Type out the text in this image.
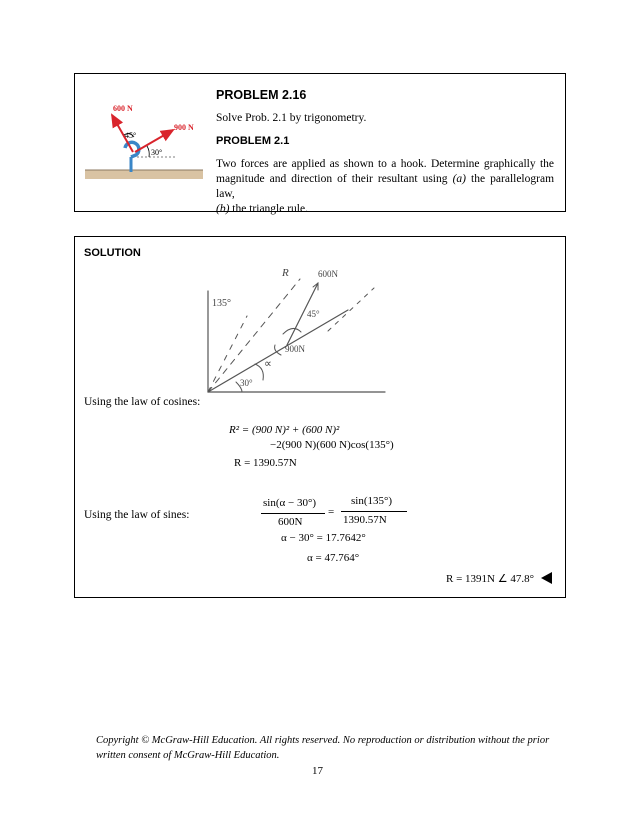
600 N
900 N
45°
30°
PROBLEM 2.16
Solve Prob. 2.1 by trigonometry.
PROBLEM 2.1
Two forces are applied as shown to a hook. Determine graphically the
magnitude and direction of their resultant using (a) the parallelogram law,
(b) the triangle rule.
SOLUTION
R	600N
135°
45°
900N
∝
30°
Using the law of cosines:
R² = (900 N)² + (600 N)²
−2(900 N)(600 N)cos(135°)
R = 1390.57N
Using the law of sines:
sin(α − 30°)
600N
=
sin(135°)
1390.57N
α − 30° = 17.7642°
α = 47.764°
R = 1391N ∠ 47.8°
Copyright © McGraw-Hill Education. All rights reserved. No reproduction or distribution without the prior
written consent of McGraw-Hill Education.
17
